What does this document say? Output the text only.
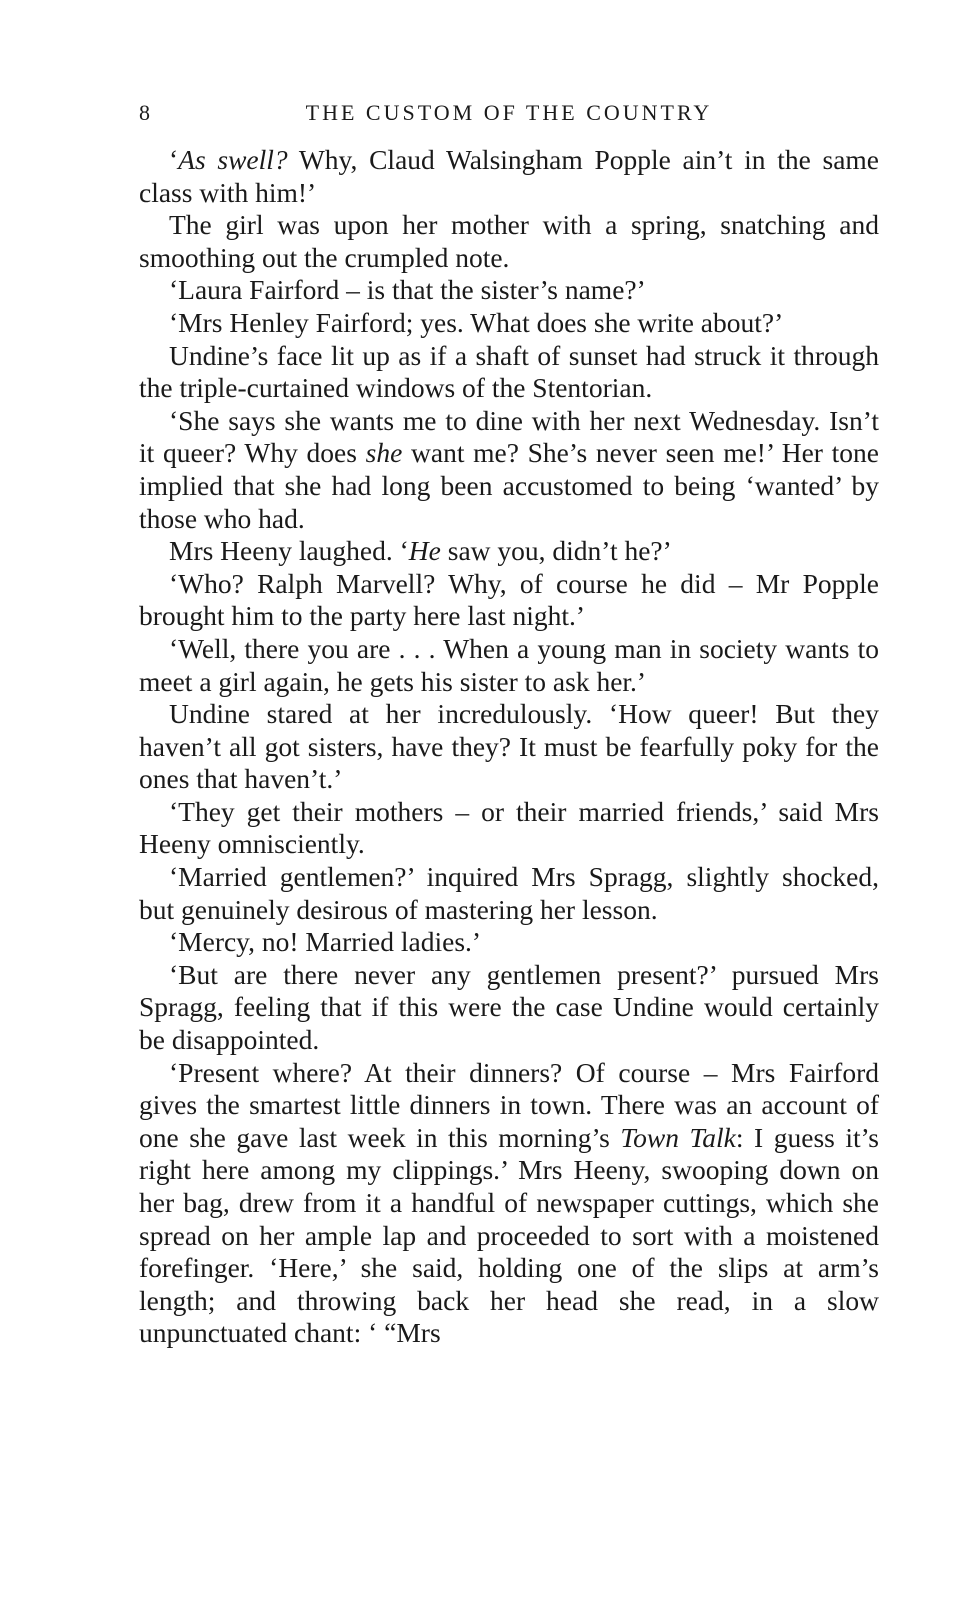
8	THE CUSTOM OF THE COUNTRY

‘As swell? Why, Claud Walsingham Popple ain’t in the same class with him!’

The girl was upon her mother with a spring, snatching and smoothing out the crumpled note.

‘Laura Fairford – is that the sister’s name?’

‘Mrs Henley Fairford; yes. What does she write about?’

Undine’s face lit up as if a shaft of sunset had struck it through the triple-curtained windows of the Stentorian.

‘She says she wants me to dine with her next Wednesday. Isn’t it queer? Why does she want me? She’s never seen me!’ Her tone implied that she had long been accustomed to being ‘wanted’ by those who had.

Mrs Heeny laughed. ‘He saw you, didn’t he?’

‘Who? Ralph Marvell? Why, of course he did – Mr Popple brought him to the party here last night.’

‘Well, there you are . . . When a young man in society wants to meet a girl again, he gets his sister to ask her.’

Undine stared at her incredulously. ‘How queer! But they haven’t all got sisters, have they? It must be fearfully poky for the ones that haven’t.’

‘They get their mothers – or their married friends,’ said Mrs Heeny omnisciently.

‘Married gentlemen?’ inquired Mrs Spragg, slightly shocked, but genuinely desirous of mastering her lesson.

‘Mercy, no! Married ladies.’

‘But are there never any gentlemen present?’ pursued Mrs Spragg, feeling that if this were the case Undine would certainly be disappointed.

‘Present where? At their dinners? Of course – Mrs Fairford gives the smartest little dinners in town. There was an account of one she gave last week in this morning’s Town Talk: I guess it’s right here among my clippings.’ Mrs Heeny, swooping down on her bag, drew from it a handful of newspaper cuttings, which she spread on her ample lap and proceeded to sort with a moistened forefinger. ‘Here,’ she said, holding one of the slips at arm’s length; and throwing back her head she read, in a slow unpunctuated chant: ‘ “Mrs
